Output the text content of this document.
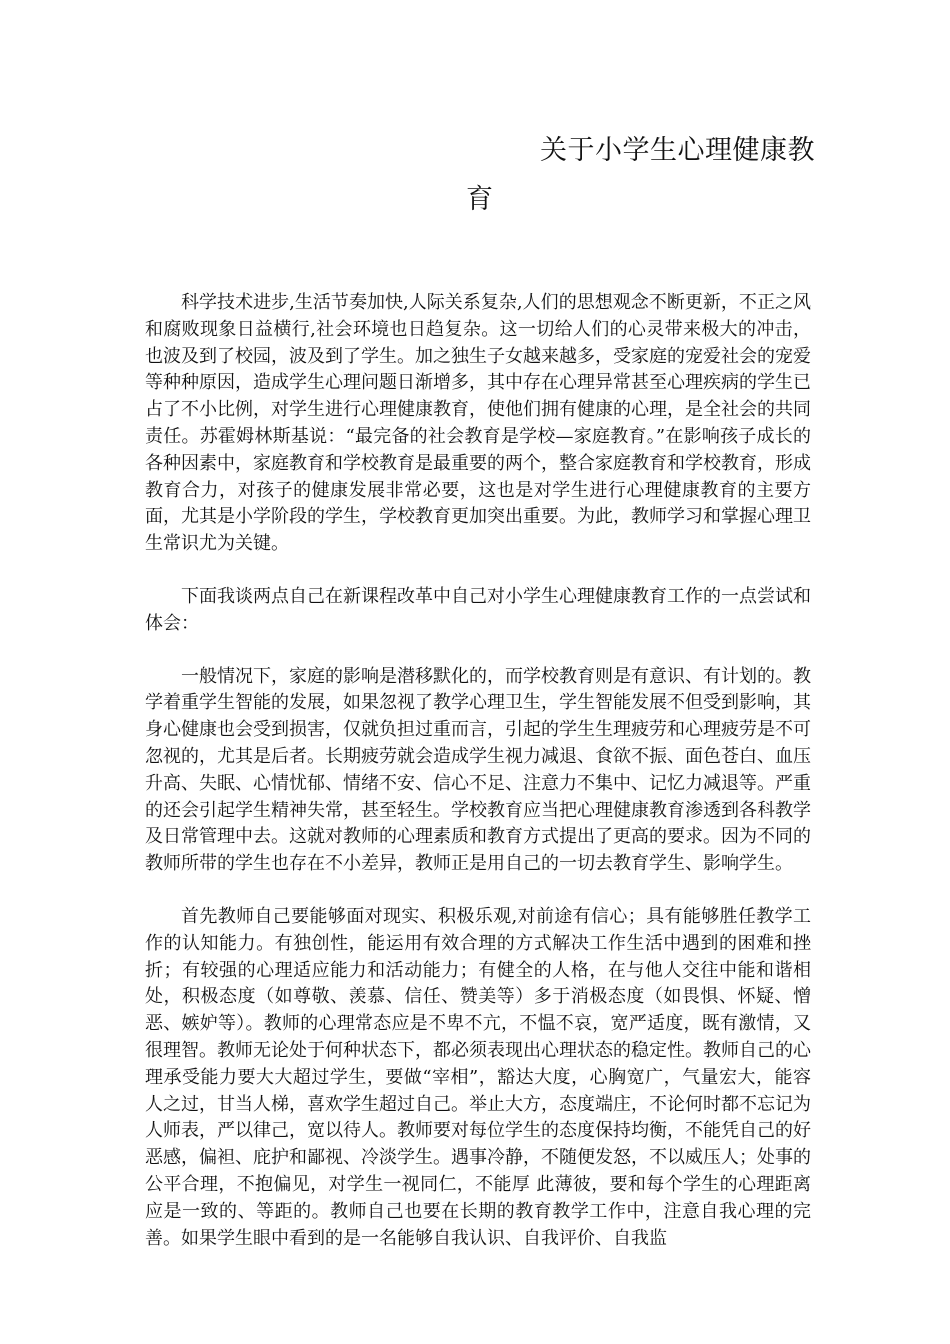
关于小学生心理健康教
育

科学技术进步,生活节奏加快,人际关系复杂,人们的思想观念不断更新，不正之风和腐败现象日益横行,社会环境也日趋复杂。这一切给人们的心灵带来极大的冲击，也波及到了校园，波及到了学生。加之独生子女越来越多，受家庭的宠爱社会的宠爱等种种原因，造成学生心理问题日渐增多，其中存在心理异常甚至心理疾病的学生已占了不小比例，对学生进行心理健康教育，使他们拥有健康的心理，是全社会的共同责任。苏霍姆林斯基说：“最完备的社会教育是学校—家庭教育。”在影响孩子成长的各种因素中，家庭教育和学校教育是最重要的两个，整合家庭教育和学校教育，形成教育合力，对孩子的健康发展非常必要，这也是对学生进行心理健康教育的主要方面，尤其是小学阶段的学生，学校教育更加突出重要。为此，教师学习和掌握心理卫生常识尤为关键。

下面我谈两点自己在新课程改革中自己对小学生心理健康教育工作的一点尝试和体会：

一般情况下，家庭的影响是潜移默化的，而学校教育则是有意识、有计划的。教学着重学生智能的发展，如果忽视了教学心理卫生，学生智能发展不但受到影响，其身心健康也会受到损害，仅就负担过重而言，引起的学生生理疲劳和心理疲劳是不可忽视的，尤其是后者。长期疲劳就会造成学生视力减退、食欲不振、面色苍白、血压升高、失眠、心情忧郁、情绪不安、信心不足、注意力不集中、记忆力减退等。严重的还会引起学生精神失常，甚至轻生。学校教育应当把心理健康教育渗透到各科教学及日常管理中去。这就对教师的心理素质和教育方式提出了更高的要求。因为不同的教师所带的学生也存在不小差异，教师正是用自己的一切去教育学生、影响学生。

首先教师自己要能够面对现实、积极乐观,对前途有信心；具有能够胜任教学工作的认知能力。有独创性，能运用有效合理的方式解决工作生活中遇到的困难和挫折；有较强的心理适应能力和活动能力；有健全的人格，在与他人交往中能和谐相处，积极态度（如尊敬、羡慕、信任、赞美等）多于消极态度（如畏惧、怀疑、憎恶、嫉妒等）。教师的心理常态应是不卑不亢，不愠不哀，宽严适度，既有激情，又很理智。教师无论处于何种状态下，都必须表现出心理状态的稳定性。教师自己的心理承受能力要大大超过学生，要做“宰相”，豁达大度，心胸宽广，气量宏大，能容人之过，甘当人梯，喜欢学生超过自己。举止大方，态度端庄，不论何时都不忘记为人师表，严以律己，宽以待人。教师要对每位学生的态度保持均衡，不能凭自己的好恶感，偏袒、庇护和鄙视、冷淡学生。遇事冷静，不随便发怒，不以威压人；处事的公平合理，不抱偏见，对学生一视同仁，不能厚 此薄彼，要和每个学生的心理距离应是一致的、等距的。教师自己也要在长期的教育教学工作中，注意自我心理的完善。如果学生眼中看到的是一名能够自我认识、自我评价、自我监
